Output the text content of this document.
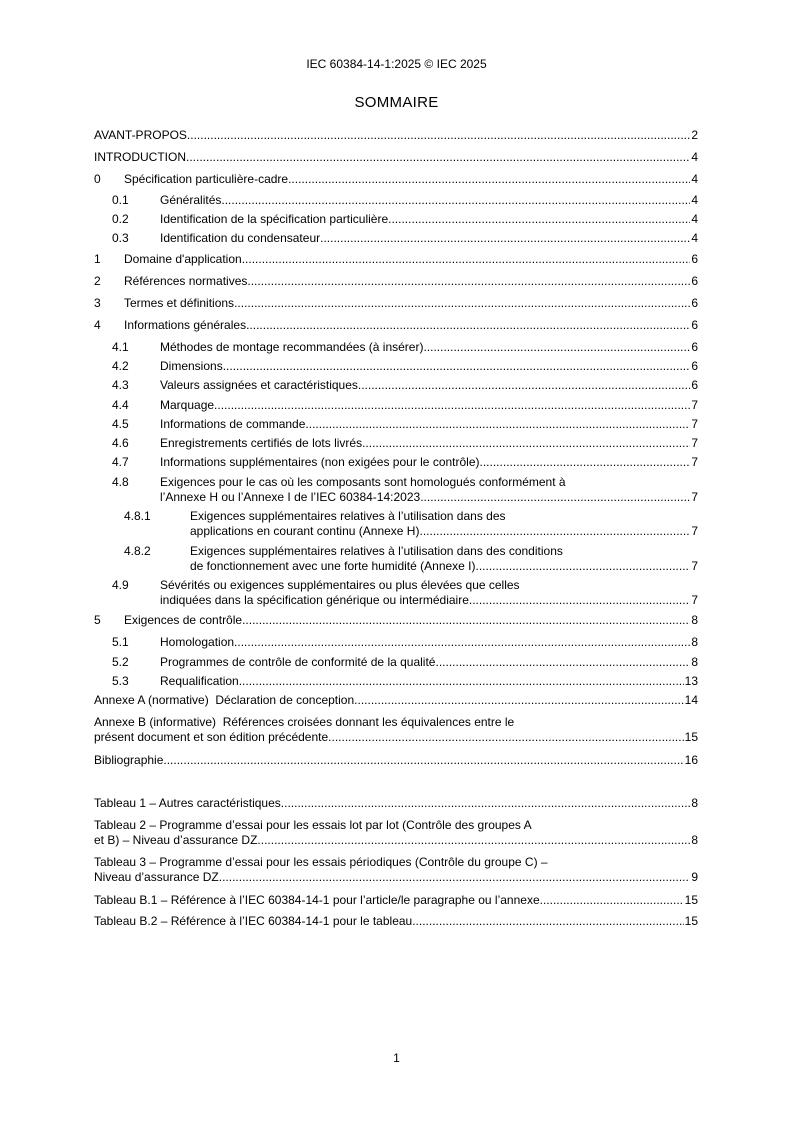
IEC 60384-14-1:2025 © IEC 2025
SOMMAIRE
AVANT-PROPOS .....	2
INTRODUCTION .....	4
0	Spécification particulière-cadre .....	4
0.1	Généralités .....	4
0.2	Identification de la spécification particulière .....	4
0.3	Identification du condensateur .....	4
1	Domaine d'application .....	6
2	Références normatives .....	6
3	Termes et définitions .....	6
4	Informations générales .....	6
4.1	Méthodes de montage recommandées (à insérer) .....	6
4.2	Dimensions .....	6
4.3	Valeurs assignées et caractéristiques .....	6
4.4	Marquage .....	7
4.5	Informations de commande .....	7
4.6	Enregistrements certifiés de lots livrés .....	7
4.7	Informations supplémentaires (non exigées pour le contrôle) .....	7
4.8	Exigences pour le cas où les composants sont homologués conformément à
l’Annexe H ou l’Annexe I de l’IEC 60384-14:2023 .....	7
4.8.1	Exigences supplémentaires relatives à l’utilisation dans des
applications en courant continu (Annexe H) .....	7
4.8.2	Exigences supplémentaires relatives à l’utilisation dans des conditions
de fonctionnement avec une forte humidité (Annexe I) .....	7
4.9	Sévérités ou exigences supplémentaires ou plus élevées que celles
indiquées dans la spécification générique ou intermédiaire .....	7
5	Exigences de contrôle .....	8
5.1	Homologation .....	8
5.2	Programmes de contrôle de conformité de la qualité .....	8
5.3	Requalification .....	13
Annexe A (normative)  Déclaration de conception .....	14
Annexe B (informative)  Références croisées donnant les équivalences entre le
présent document et son édition précédente .....	15
Bibliographie .....	16
Tableau 1 – Autres caractéristiques .....	8
Tableau 2 – Programme d’essai pour les essais lot par lot (Contrôle des groupes A
et B) – Niveau d’assurance DZ .....	8
Tableau 3 – Programme d’essai pour les essais périodiques (Contrôle du groupe C) –
Niveau d’assurance DZ .....	9
Tableau B.1 – Référence à l’IEC 60384-14-1 pour l’article/le paragraphe ou l’annexe .....	15
Tableau B.2 – Référence à l’IEC 60384-14-1 pour le tableau .....	15
1
